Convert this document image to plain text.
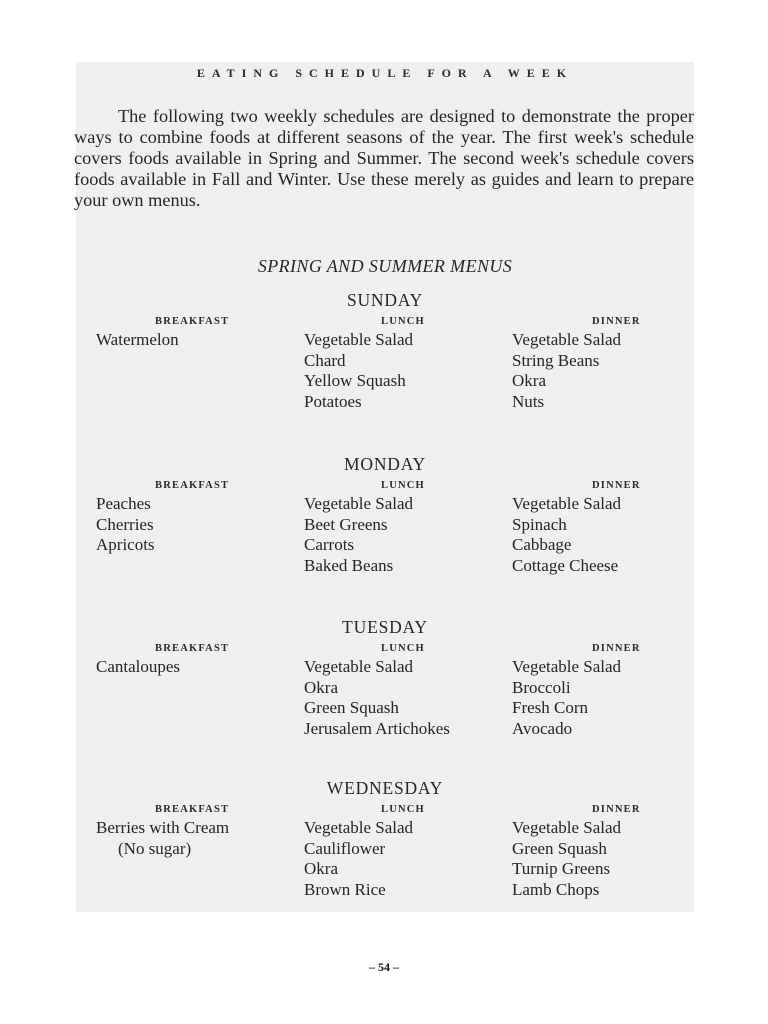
EATING SCHEDULE FOR A WEEK

The following two weekly schedules are designed to demonstrate the proper ways to combine foods at different seasons of the year. The first week's schedule covers foods available in Spring and Summer. The second week's schedule covers foods available in Fall and Winter. Use these merely as guides and learn to prepare your own menus.

SPRING AND SUMMER MENUS
SUNDAY
BREAKFAST
Watermelon
LUNCH
Vegetable Salad
Chard
Yellow Squash
Potatoes
DINNER
Vegetable Salad
String Beans
Okra
Nuts
MONDAY
BREAKFAST
Peaches
Cherries
Apricots
LUNCH
Vegetable Salad
Beet Greens
Carrots
Baked Beans
DINNER
Vegetable Salad
Spinach
Cabbage
Cottage Cheese
TUESDAY
BREAKFAST
Cantaloupes
LUNCH
Vegetable Salad
Okra
Green Squash
Jerusalem Artichokes
DINNER
Vegetable Salad
Broccoli
Fresh Corn
Avocado
WEDNESDAY
BREAKFAST
Berries with Cream
(No sugar)
LUNCH
Vegetable Salad
Cauliflower
Okra
Brown Rice
DINNER
Vegetable Salad
Green Squash
Turnip Greens
Lamb Chops
– 54 –
